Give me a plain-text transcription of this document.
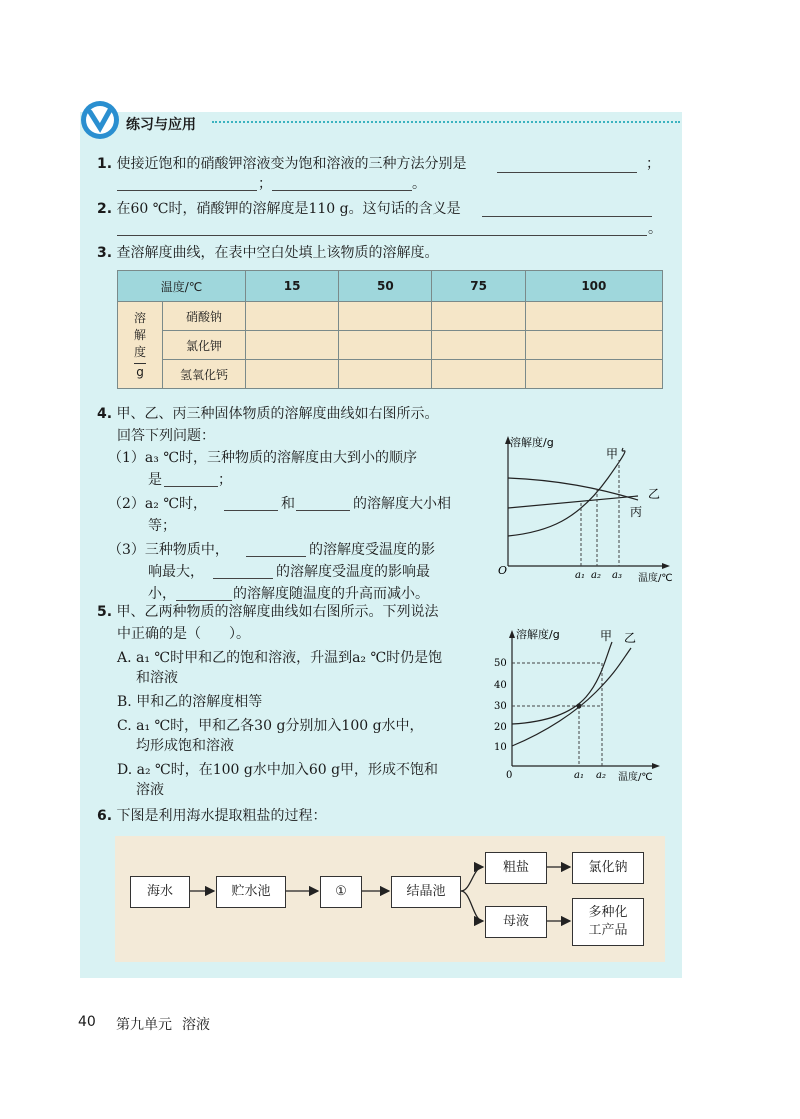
练习与应用
1. 使接近饱和的硝酸钾溶液变为饱和溶液的三种方法分别是	；
；	。
2. 在60 ℃时，硝酸钾的溶解度是110 g。这句话的含义是
。
3. 查溶解度曲线，在表中空白处填上该物质的溶解度。
温度/℃		15	50	75	100
溶
解
度
g	硝酸钠				
	氯化钾				
	氢氧化钙				
4. 甲、乙、丙三种固体物质的溶解度曲线如右图所示。
回答下列问题：
（1）a₃ ℃时，三种物质的溶解度由大到小的顺序
是	；
（2）a₂ ℃时，	和	的溶解度大小相
等；
（3）三种物质中，	的溶解度受温度的影
响最大，	的溶解度受温度的影响最
小，	的溶解度随温度的升高而减小。
溶解度/g
温度/℃
O
甲
乙
丙
a₁ a₂ a₃
5. 甲、乙两种物质的溶解度曲线如右图所示。下列说法
中正确的是（　　）。
A. a₁ ℃时甲和乙的饱和溶液，升温到a₂ ℃时仍是饱
和溶液
B. 甲和乙的溶解度相等
C. a₁ ℃时，甲和乙各30 g分别加入100 g水中，
均形成饱和溶液
D. a₂ ℃时，在100 g水中加入60 g甲，形成不饱和
溶液
溶解度/g
温度/℃
0
50
40
30
20
10
甲 乙
a₁ a₂
6. 下图是利用海水提取粗盐的过程：
海水	贮水池	①	结晶池
粗盐	氯化钠
母液
多种化
工产品
40 第九单元 溶液
